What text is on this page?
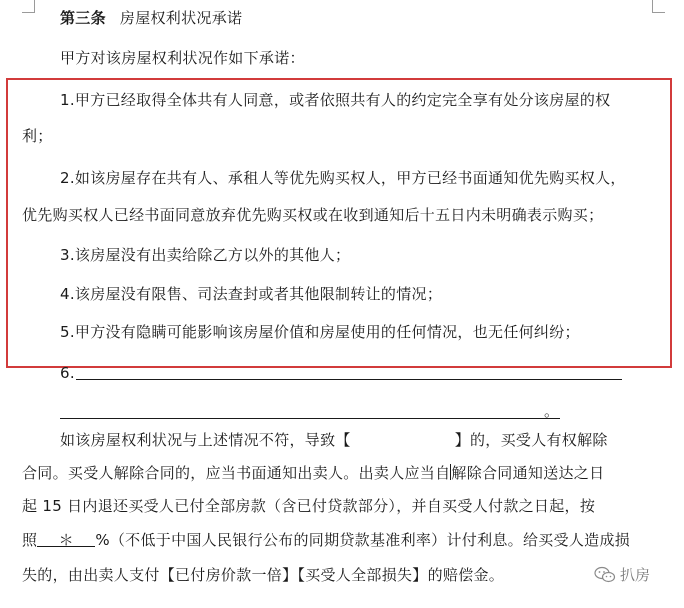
第三条 房屋权利状况承诺
甲方对该房屋权利状况作如下承诺：
1.甲方已经取得全体共有人同意，或者依照共有人的约定完全享有处分该房屋的权
利；
2.如该房屋存在共有人、承租人等优先购买权人，甲方已经书面通知优先购买权人，
优先购买权人已经书面同意放弃优先购买权或在收到通知后十五日内未明确表示购买；
3.该房屋没有出卖给除乙方以外的其他人；
4.该房屋没有限售、司法查封或者其他限制转让的情况；
5.甲方没有隐瞒可能影响该房屋价值和房屋使用的任何情况，也无任何纠纷；
6.
。
如该房屋权利状况与上述情况不符，导致【	】的，买受人有权解除
合同。买受人解除合同的，应当书面通知出卖人。出卖人应当自解除合同通知送达之日
起 15 日内退还买受人已付全部房款（含已付贷款部分），并自买受人付款之日起，按
照 ＊ %（不低于中国人民银行公布的同期贷款基准利率）计付利息。给买受人造成损
失的，由出卖人支付【已付房价款一倍】【买受人全部损失】的赔偿金。	扒房
